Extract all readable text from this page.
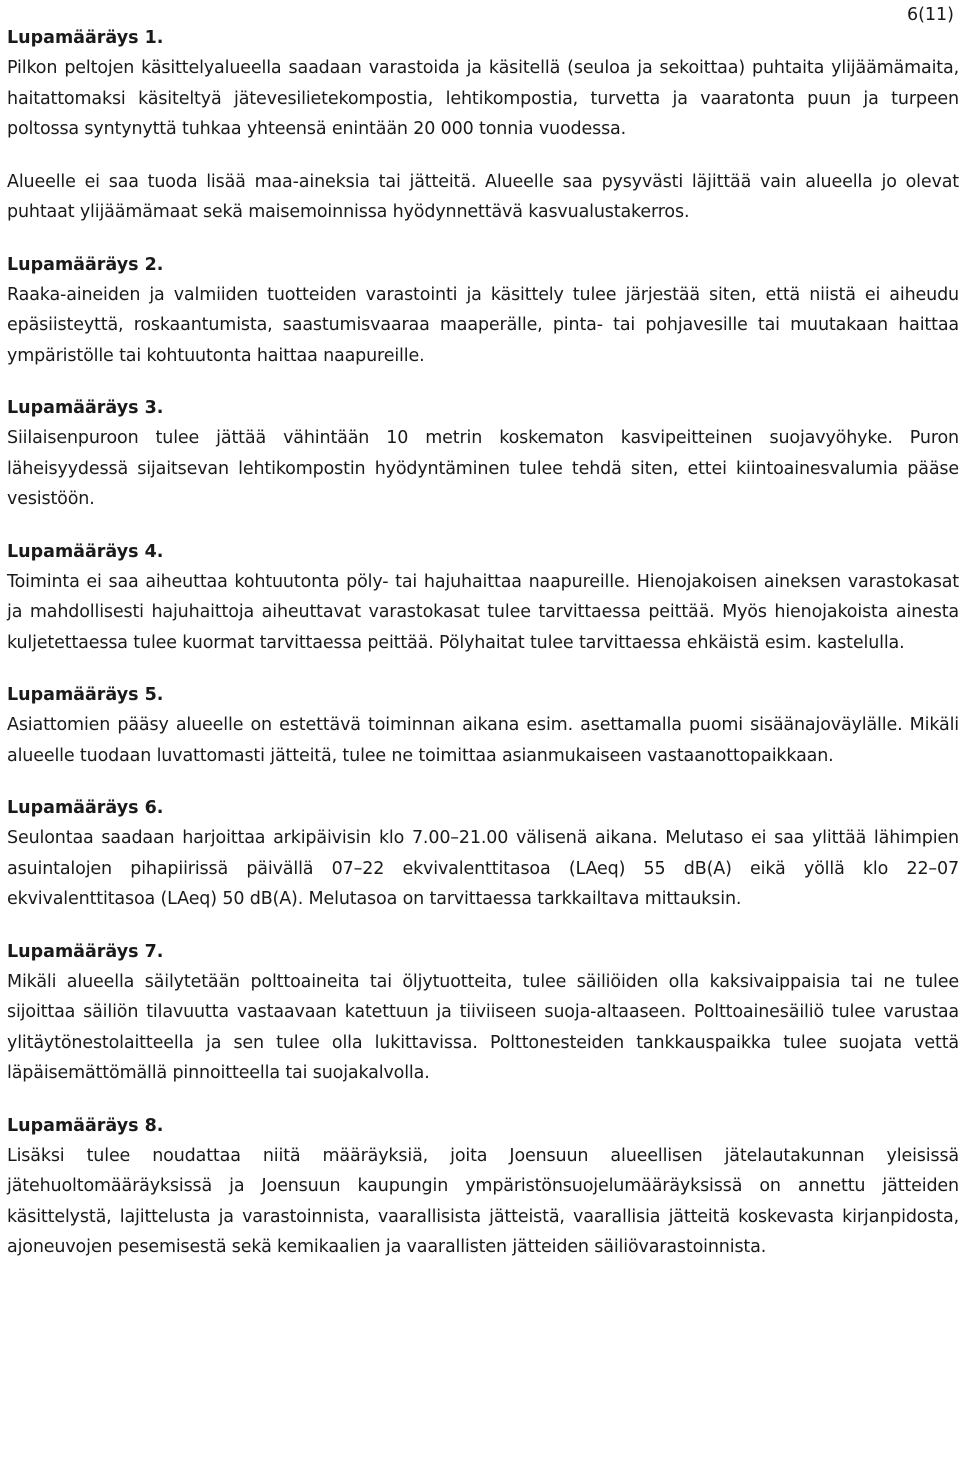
6(11)

Lupamääräys 1.

Pilkon peltojen käsittelyalueella saadaan varastoida ja käsitellä (seuloa ja sekoittaa) puhtaita ylijäämämaita, haitattomaksi käsiteltyä jätevesilietekompostia, lehtikompostia, turvetta ja vaaratonta puun ja turpeen poltossa syntynyttä tuhkaa yhteensä enintään 20 000 tonnia vuodessa.

Alueelle ei saa tuoda lisää maa-aineksia tai jätteitä. Alueelle saa pysyvästi läjittää vain alueella jo olevat puhtaat ylijäämämaat sekä maisemoinnissa hyödynnettävä kasvualustakerros.

Lupamääräys 2.

Raaka-aineiden ja valmiiden tuotteiden varastointi ja käsittely tulee järjestää siten, että niistä ei aiheudu epäsiisteyttä, roskaantumista, saastumisvaaraa maaperälle, pinta- tai pohjavesille tai muutakaan haittaa ympäristölle tai kohtuutonta haittaa naapureille.

Lupamääräys 3.

Siilaisenpuroon tulee jättää vähintään 10 metrin koskematon kasvipeitteinen suojavyöhyke. Puron läheisyydessä sijaitsevan lehtikompostin hyödyntäminen tulee tehdä siten, ettei kiintoainesvalumia pääse vesistöön.

Lupamääräys 4.

Toiminta ei saa aiheuttaa kohtuutonta pöly- tai hajuhaittaa naapureille. Hienojakoisen aineksen varastokasat ja mahdollisesti hajuhaittoja aiheuttavat varastokasat tulee tarvittaessa peittää. Myös hienojakoista ainesta kuljetettaessa tulee kuormat tarvittaessa peittää. Pölyhaitat tulee tarvittaessa ehkäistä esim. kastelulla.

Lupamääräys 5.

Asiattomien pääsy alueelle on estettävä toiminnan aikana esim. asettamalla puomi sisäänajoväylälle. Mikäli alueelle tuodaan luvattomasti jätteitä, tulee ne toimittaa asianmukaiseen vastaanottopaikkaan.

Lupamääräys 6.

Seulontaa saadaan harjoittaa arkipäivisin klo 7.00–21.00 välisenä aikana. Melutaso ei saa ylittää lähimpien asuintalojen pihapiirissä päivällä 07–22 ekvivalenttitasoa (LAeq) 55 dB(A) eikä yöllä klo 22–07 ekvivalenttitasoa (LAeq) 50 dB(A). Melutasoa on tarvittaessa tarkkailtava mittauksin.

Lupamääräys 7.

Mikäli alueella säilytetään polttoaineita tai öljytuotteita, tulee säiliöiden olla kaksivaippaisia tai ne tulee sijoittaa säiliön tilavuutta vastaavaan katettuun ja tiiviiseen suoja-altaaseen. Polttoainesäiliö tulee varustaa ylitäytönestolaitteella ja sen tulee olla lukittavissa. Polttonesteiden tankkauspaikka tulee suojata vettä läpäisemättömällä pinnoitteella tai suojakalvolla.

Lupamääräys 8.

Lisäksi tulee noudattaa niitä määräyksiä, joita Joensuun alueellisen jätelautakunnan yleisissä jätehuoltomääräyksissä ja Joensuun kaupungin ympäristönsuojelumääräyksissä on annettu jätteiden käsittelystä, lajittelusta ja varastoinnista, vaarallisista jätteistä, vaarallisia jätteitä koskevasta kirjanpidosta, ajoneuvojen pesemisestä sekä kemikaalien ja vaarallisten jätteiden säiliövarastoinnista.
